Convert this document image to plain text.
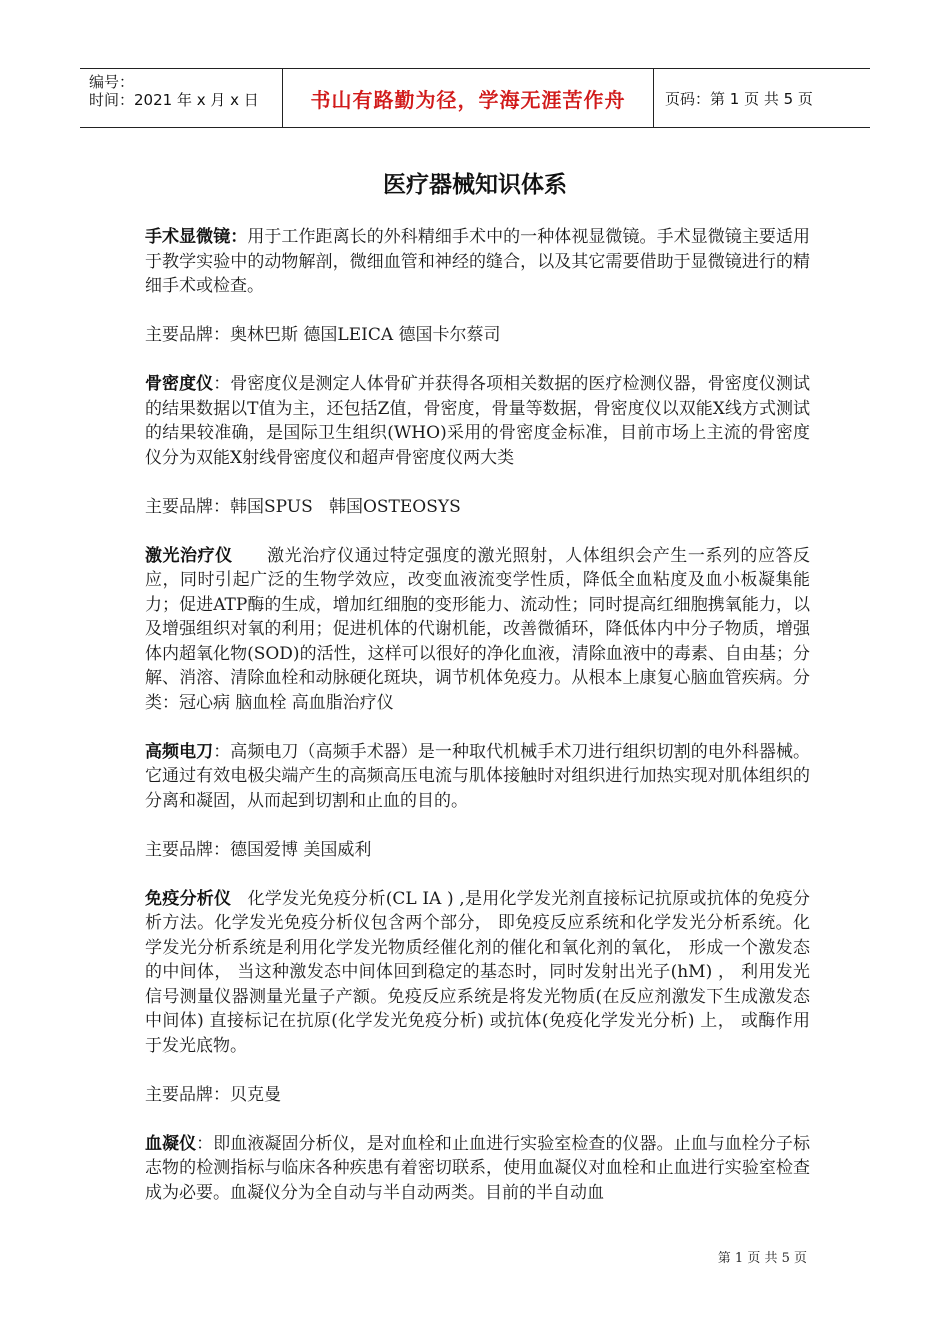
编号：
时间：2021 年 x 月 x 日	书山有路勤为径，学海无涯苦作舟	页码：第 1 页 共 5 页
医疗器械知识体系

手术显微镜：用于工作距离长的外科精细手术中的一种体视显微镜。手术显微镜主要适用于教学实验中的动物解剖，微细血管和神经的缝合，以及其它需要借助于显微镜进行的精细手术或检查。

主要品牌：奥林巴斯 德国LEICA 德国卡尔蔡司

骨密度仪：骨密度仪是测定人体骨矿并获得各项相关数据的医疗检测仪器，骨密度仪测试的结果数据以T值为主，还包括Z值，骨密度，骨量等数据，骨密度仪以双能X线方式测试的结果较准确，是国际卫生组织(WHO)采用的骨密度金标准，目前市场上主流的骨密度仪分为双能X射线骨密度仪和超声骨密度仪两大类

主要品牌：韩国SPUS   韩国OSTEOSYS

激光治疗仪 激光治疗仪通过特定强度的激光照射，人体组织会产生一系列的应答反应，同时引起广泛的生物学效应，改变血液流变学性质，降低全血粘度及血小板凝集能力；促进ATP酶的生成，增加红细胞的变形能力、流动性；同时提高红细胞携氧能力，以及增强组织对氧的利用；促进机体的代谢机能，改善微循环，降低体内中分子物质，增强体内超氧化物(SOD)的活性，这样可以很好的净化血液，清除血液中的毒素、自由基；分解、消溶、清除血栓和动脉硬化斑块，调节机体免疫力。从根本上康复心脑血管疾病。分类：冠心病 脑血栓 高血脂治疗仪

高频电刀：高频电刀（高频手术器）是一种取代机械手术刀进行组织切割的电外科器械。它通过有效电极尖端产生的高频高压电流与肌体接触时对组织进行加热实现对肌体组织的分离和凝固，从而起到切割和止血的目的。

主要品牌：德国爱博 美国威利

免疫分析仪 化学发光免疫分析(CL IA ) ,是用化学发光剂直接标记抗原或抗体的免疫分析方法。化学发光免疫分析仪包含两个部分， 即免疫反应系统和化学发光分析系统。化学发光分析系统是利用化学发光物质经催化剂的催化和氧化剂的氧化， 形成一个激发态的中间体， 当这种激发态中间体回到稳定的基态时，同时发射出光子(hM) ， 利用发光信号测量仪器测量光量子产额。免疫反应系统是将发光物质(在反应剂激发下生成激发态中间体) 直接标记在抗原(化学发光免疫分析) 或抗体(免疫化学发光分析) 上， 或酶作用于发光底物。

主要品牌：贝克曼

血凝仪：即血液凝固分析仪，是对血栓和止血进行实验室检查的仪器。止血与血栓分子标志物的检测指标与临床各种疾患有着密切联系，使用血凝仪对血栓和止血进行实验室检查成为必要。血凝仪分为全自动与半自动两类。目前的半自动血

第 1 页 共 5 页
